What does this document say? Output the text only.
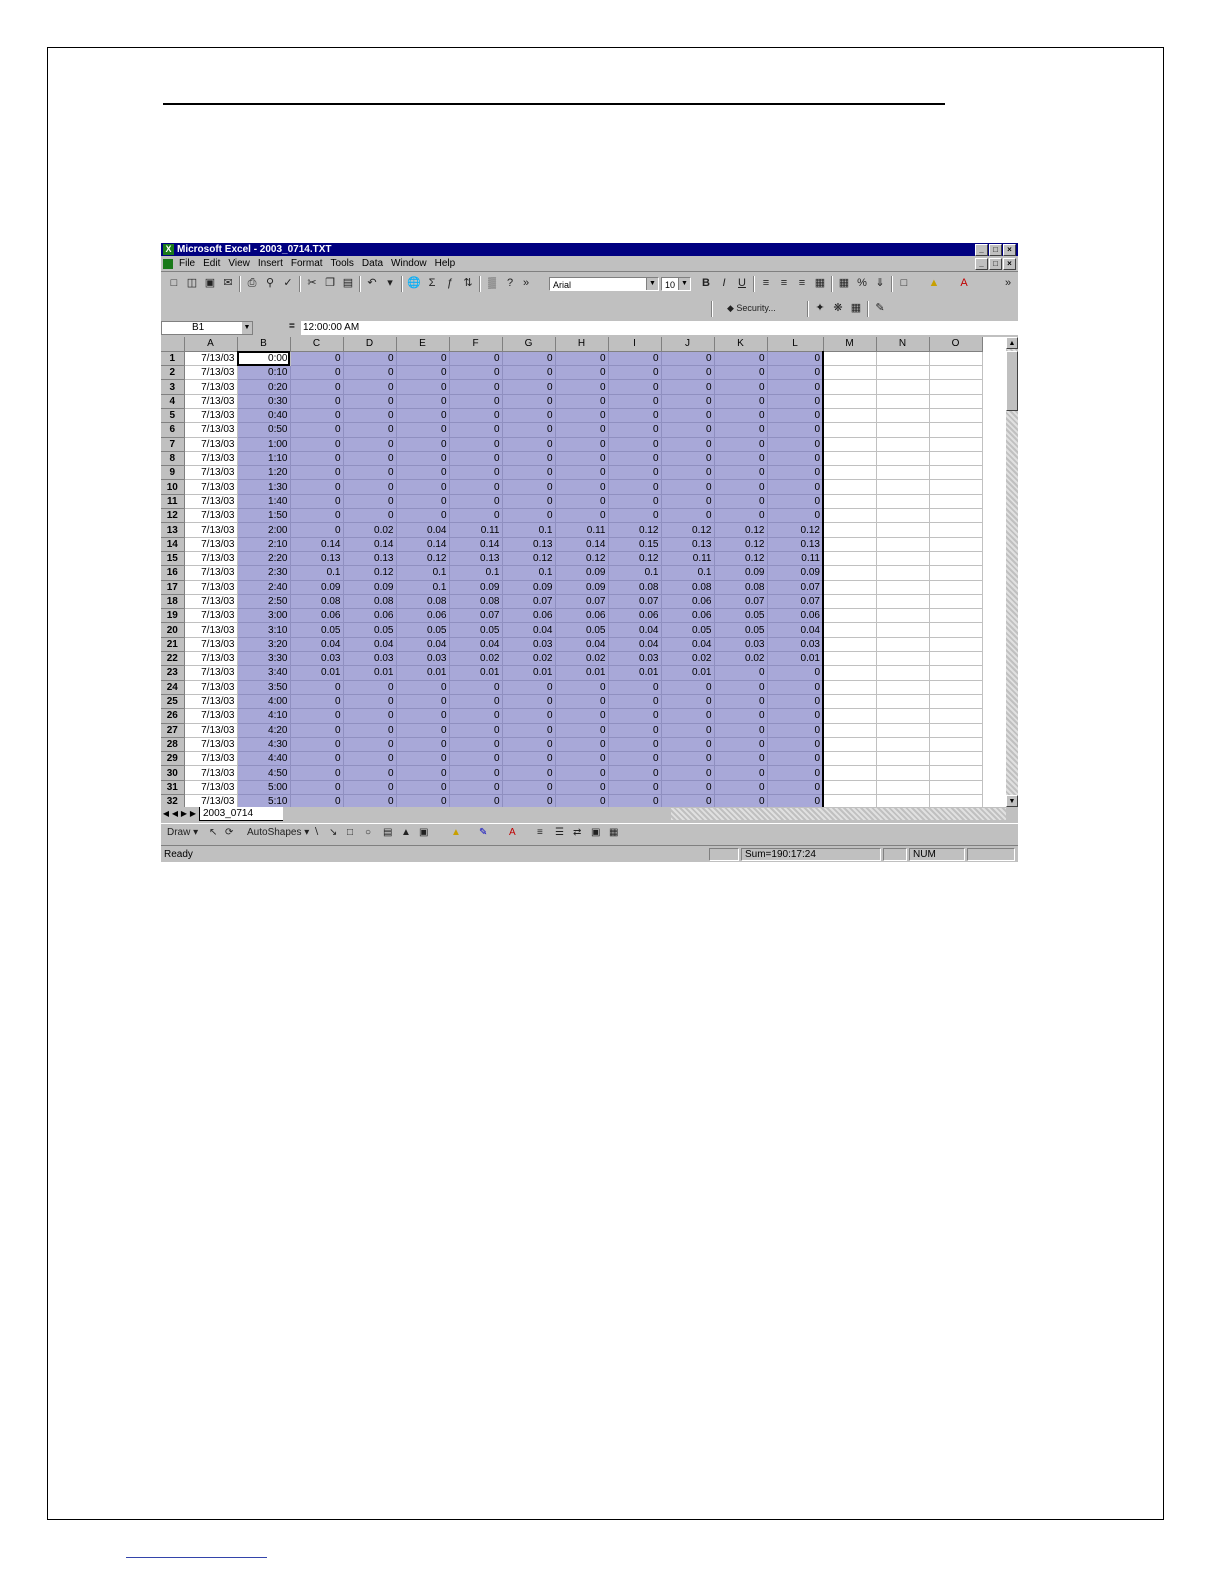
X Microsoft Excel - 2003_0714.TXT	_	□	×
File Edit View Insert Format Tools Data Window Help	_	□	×
□ ◫ ▣ ✉ ⎙ ⚲ ✓ ✂ ❐ ▤ ↶ ▾	🌐 Σ	ƒ ⇅ ▒	? »	Arial	▼	10 ▼ B	I	U	≡	≡	≡ ▦ ▦ % ⇓	□	▲	A	»
◆ Security...	✦ ❋ ▦ ✎
B1	▼	= 12:00:00 AM
	A	B	C	D	E	F	G	H	I	J	K	L	M	N	O
1	7/13/03	0:00	0	0	0	0	0	0	0	0	0	0			
2	7/13/03	0:10	0	0	0	0	0	0	0	0	0	0			
3	7/13/03	0:20	0	0	0	0	0	0	0	0	0	0			
4	7/13/03	0:30	0	0	0	0	0	0	0	0	0	0			
5	7/13/03	0:40	0	0	0	0	0	0	0	0	0	0			
6	7/13/03	0:50	0	0	0	0	0	0	0	0	0	0			
7	7/13/03	1:00	0	0	0	0	0	0	0	0	0	0			
8	7/13/03	1:10	0	0	0	0	0	0	0	0	0	0			
9	7/13/03	1:20	0	0	0	0	0	0	0	0	0	0			
10	7/13/03	1:30	0	0	0	0	0	0	0	0	0	0			
11	7/13/03	1:40	0	0	0	0	0	0	0	0	0	0			
12	7/13/03	1:50	0	0	0	0	0	0	0	0	0	0			
13	7/13/03	2:00	0	0.02	0.04	0.11	0.1	0.11	0.12	0.12	0.12	0.12			
14	7/13/03	2:10	0.14	0.14	0.14	0.14	0.13	0.14	0.15	0.13	0.12	0.13			
15	7/13/03	2:20	0.13	0.13	0.12	0.13	0.12	0.12	0.12	0.11	0.12	0.11			
16	7/13/03	2:30	0.1	0.12	0.1	0.1	0.1	0.09	0.1	0.1	0.09	0.09			
17	7/13/03	2:40	0.09	0.09	0.1	0.09	0.09	0.09	0.08	0.08	0.08	0.07			
18	7/13/03	2:50	0.08	0.08	0.08	0.08	0.07	0.07	0.07	0.06	0.07	0.07			
19	7/13/03	3:00	0.06	0.06	0.06	0.07	0.06	0.06	0.06	0.06	0.05	0.06			
20	7/13/03	3:10	0.05	0.05	0.05	0.05	0.04	0.05	0.04	0.05	0.05	0.04			
21	7/13/03	3:20	0.04	0.04	0.04	0.04	0.03	0.04	0.04	0.04	0.03	0.03			
22	7/13/03	3:30	0.03	0.03	0.03	0.02	0.02	0.02	0.03	0.02	0.02	0.01			
23	7/13/03	3:40	0.01	0.01	0.01	0.01	0.01	0.01	0.01	0.01	0	0			
24	7/13/03	3:50	0	0	0	0	0	0	0	0	0	0			
25	7/13/03	4:00	0	0	0	0	0	0	0	0	0	0			
26	7/13/03	4:10	0	0	0	0	0	0	0	0	0	0			
27	7/13/03	4:20	0	0	0	0	0	0	0	0	0	0			
28	7/13/03	4:30	0	0	0	0	0	0	0	0	0	0			
29	7/13/03	4:40	0	0	0	0	0	0	0	0	0	0			
30	7/13/03	4:50	0	0	0	0	0	0	0	0	0	0			
31	7/13/03	5:00	0	0	0	0	0	0	0	0	0	0			
32	7/13/03	5:10	0	0	0	0	0	0	0	0	0	0			
▲
▼
◀ ◀ ▶ ▶ 2003_0714
Draw ▾ ↖ ⟳ AutoShapes ▾ ∖ ↘ □ ○ ▤ ▲ ▣ ▲ ✎ A ≡ ☰ ⇄ ▣ ▦
Ready	Sum=190:17:24	NUM
